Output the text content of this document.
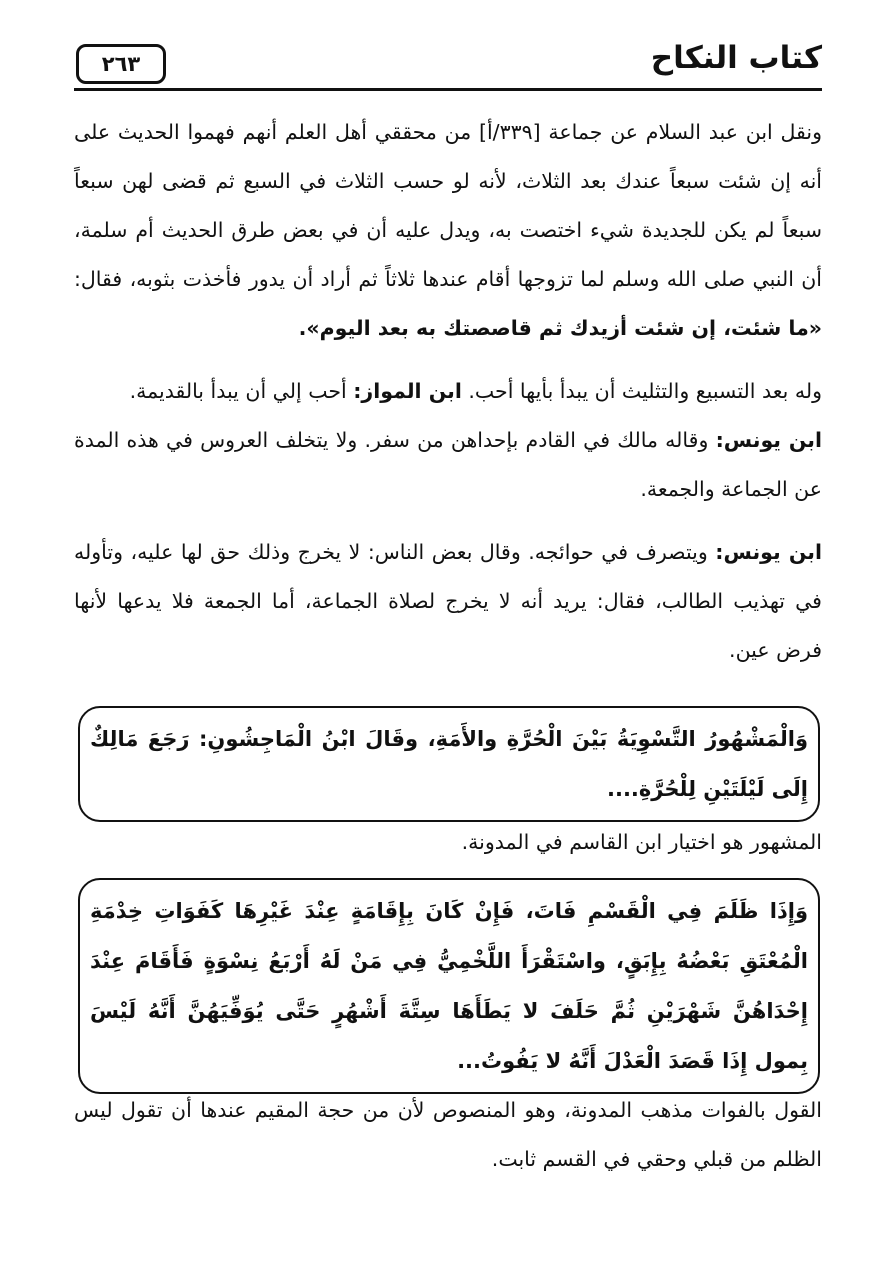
كتاب النكاح
٢٦٣

ونقل ابن عبد السلام عن جماعة [٣٣٩/أ] من محققي أهل العلم أنهم فهموا الحديث على أنه إن شئت سبعاً عندك بعد الثلاث، لأنه لو حسب الثلاث في السبع ثم قضى لهن سبعاً سبعاً لم يكن للجديدة شيء اختصت به، ويدل عليه أن في بعض طرق الحديث أم سلمة، أن النبي صلى الله وسلم لما تزوجها أقام عندها ثلاثاً ثم أراد أن يدور فأخذت بثوبه، فقال: «ما شئت، إن شئت أزيدك ثم قاصصتك به بعد اليوم».

وله بعد التسبيع والتثليث أن يبدأ بأيها أحب. ابن المواز: أحب إلي أن يبدأ بالقديمة.

ابن يونس: وقاله مالك في القادم بإحداهن من سفر. ولا يتخلف العروس في هذه المدة عن الجماعة والجمعة.

ابن يونس: ويتصرف في حوائجه. وقال بعض الناس: لا يخرج وذلك حق لها عليه، وتأوله في تهذيب الطالب، فقال: يريد أنه لا يخرج لصلاة الجماعة، أما الجمعة فلا يدعها لأنها فرض عين.

وَالْمَشْهُورُ التَّسْوِيَةُ بَيْنَ الْحُرَّةِ والأَمَةِ، وقَالَ ابْنُ الْمَاجِشُونِ: رَجَعَ مَالِكٌ إِلَى لَيْلَتَيْنِ لِلْحُرَّةِ....
المشهور هو اختيار ابن القاسم في المدونة.
وَإِذَا ظَلَمَ فِي الْقَسْمِ فَاتَ، فَإِنْ كَانَ بِإِقَامَةٍ عِنْدَ غَيْرِهَا كَفَوَاتِ خِدْمَةِ الْمُعْتَقِ بَعْضُهُ بِإِبَقٍ، واسْتَقْرَأَ اللَّخْمِيُّ فِي مَنْ لَهُ أَرْبَعُ نِسْوَةٍ فَأَقَامَ عِنْدَ إِحْدَاهُنَّ شَهْرَيْنِ ثُمَّ حَلَفَ لا يَطَأَهَا سِتَّةَ أَشْهُرٍ حَتَّى يُوَفِّيَهُنَّ أَنَّهُ لَيْسَ بِمول إِذَا قَصَدَ الْعَدْلَ أَنَّهُ لا يَفُوتُ...
القول بالفوات مذهب المدونة، وهو المنصوص لأن من حجة المقيم عندها أن تقول ليس الظلم من قبلي وحقي في القسم ثابت.
